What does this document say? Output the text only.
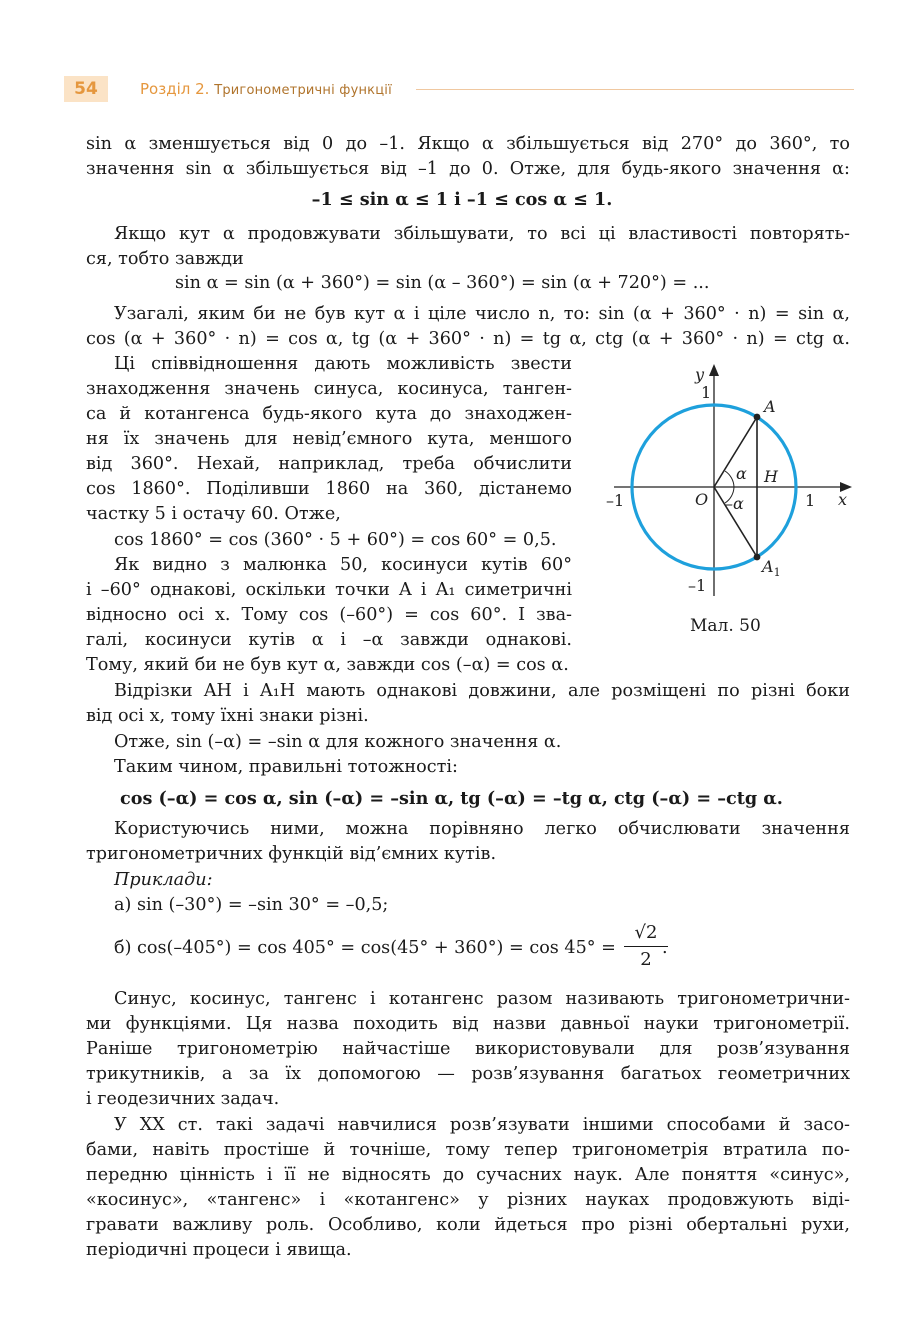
54	Розділ 2. Тригонометричні функції
sin α зменшується від 0 до –1. Якщо α збільшується від 270° до 360°, то
значення sin α збільшується від –1 до 0. Отже, для будь-якого значення α:
–1 ≤ sin α ≤ 1 і –1 ≤ cos α ≤ 1.
Якщо кут α продовжувати збільшувати, то всі ці властивості повторять-
ся, тобто завжди
sin α = sin (α + 360°) = sin (α – 360°) = sin (α + 720°) = ...
Узагалі, яким би не був кут α і ціле число n, то: sin (α + 360° · n) = sin α,
cos (α + 360° · n) = cos α, tg (α + 360° · n) = tg α, ctg (α + 360° · n) = ctg α.
Ці співвідношення дають можливість звести
знаходження значень синуса, косинуса, танген-
са й котангенса будь-якого кута до знаходжен-
ня їх значень для невід’ємного кута, меншого
від 360°. Нехай, наприклад, треба обчислити
cos 1860°. Поділивши 1860 на 360, дістанемо
частку 5 і остачу 60. Отже,
cos 1860° = cos (360° · 5 + 60°) = cos 60° = 0,5.
Як видно з малюнка 50, косинуси кутів 60°
і –60° однакові, оскільки точки A і A₁ симетричні
відносно осі x. Тому cos (–60°) = cos 60°. І зва-
галі, косинуси кутів α і –α завжди однакові.
Тому, який би не був кут α, завжди cos (–α) = cos α.
y
x
1
1
–1
–1
O
A
$A_1$
H
α
–α
Мал. 50
Відрізки AH і A₁H мають однакові довжини, але розміщені по різні боки
від осі x, тому їхні знаки різні.
Отже, sin (–α) = –sin α для кожного значення α.
Таким чином, правильні тотожності:
cos (–α) = cos α, sin (–α) = –sin α, tg (–α) = –tg α, ctg (–α) = –ctg α.
Користуючись ними, можна порівняно легко обчислювати значення
тригонометричних функцій від’ємних кутів.
Приклади:
а) sin (–30°) = –sin 30° = –0,5;
б) $\cos(-405^\circ) = \cos 405^\circ = \cos(45^\circ + 360^\circ) = \cos 45^\circ = \frac{√2}{2}$
.
Синус, косинус, тангенс і котангенс разом називають тригонометрични-
ми функціями. Ця назва походить від назви давньої науки тригонометрії.
Раніше тригонометрію найчастіше використовували для розв’язування
трикутників, а за їх допомогою — розв’язування багатьох геометричних
і геодезичних задач.
У XX ст. такі задачі навчилися розв’язувати іншими способами й засо-
бами, навіть простіше й точніше, тому тепер тригонометрія втратила по-
передню цінність і її не відносять до сучасних наук. Але поняття «синус»,
«косинус», «тангенс» і «котангенс» у різних науках продовжують віді-
гравати важливу роль. Особливо, коли йдеться про різні обертальні рухи,
періодичні процеси і явища.
